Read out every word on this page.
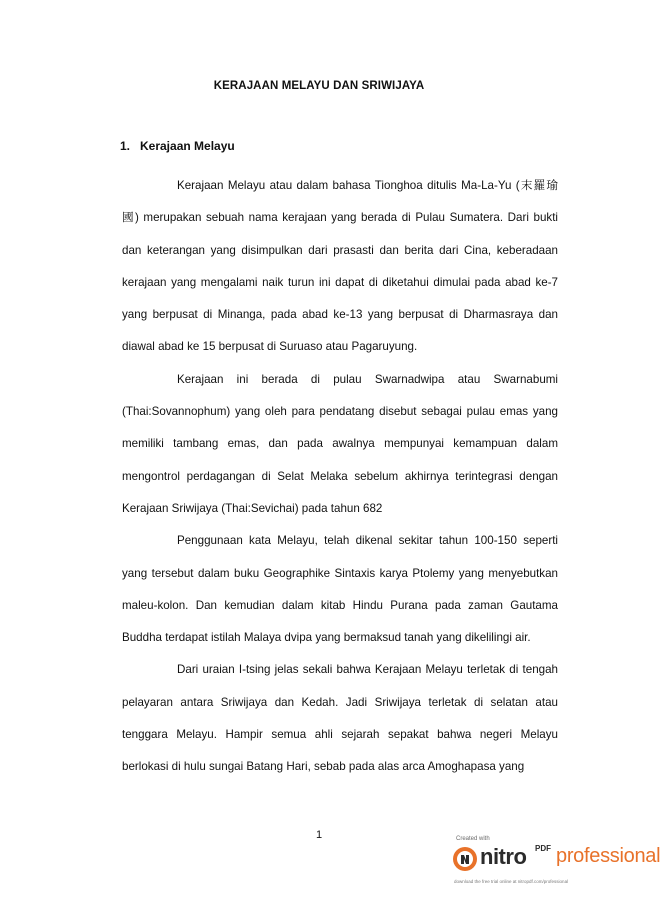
KERAJAAN MELAYU DAN SRIWIJAYA
1. Kerajaan Melayu

Kerajaan Melayu atau dalam bahasa Tionghoa ditulis Ma-La-Yu (末羅瑜國) merupakan sebuah nama kerajaan yang berada di Pulau Sumatera. Dari bukti dan keterangan yang disimpulkan dari prasasti dan berita dari Cina, keberadaan kerajaan yang mengalami naik turun ini dapat di diketahui dimulai pada abad ke-7 yang berpusat di Minanga, pada abad ke-13 yang berpusat di Dharmasraya dan diawal abad ke 15 berpusat di Suruaso atau Pagaruyung.

Kerajaan ini berada di pulau Swarnadwipa atau Swarnabumi (Thai:Sovannophum) yang oleh para pendatang disebut sebagai pulau emas yang memiliki tambang emas, dan pada awalnya mempunyai kemampuan dalam mengontrol perdagangan di Selat Melaka sebelum akhirnya terintegrasi dengan Kerajaan Sriwijaya (Thai:Sevichai) pada tahun 682

Penggunaan kata Melayu, telah dikenal sekitar tahun 100-150 seperti yang tersebut dalam buku Geographike Sintaxis karya Ptolemy yang menyebutkan maleu-kolon. Dan kemudian dalam kitab Hindu Purana pada zaman Gautama Buddha terdapat istilah Malaya dvipa yang bermaksud tanah yang dikelilingi air.

Dari uraian I-tsing jelas sekali bahwa Kerajaan Melayu terletak di tengah pelayaran antara Sriwijaya dan Kedah. Jadi Sriwijaya terletak di selatan atau tenggara Melayu. Hampir semua ahli sejarah sepakat bahwa negeri Melayu berlokasi di hulu sungai Batang Hari, sebab pada alas arca Amoghapasa yang

1	Created with
nitro PDF professional
download the free trial online at nitropdf.com/professional
